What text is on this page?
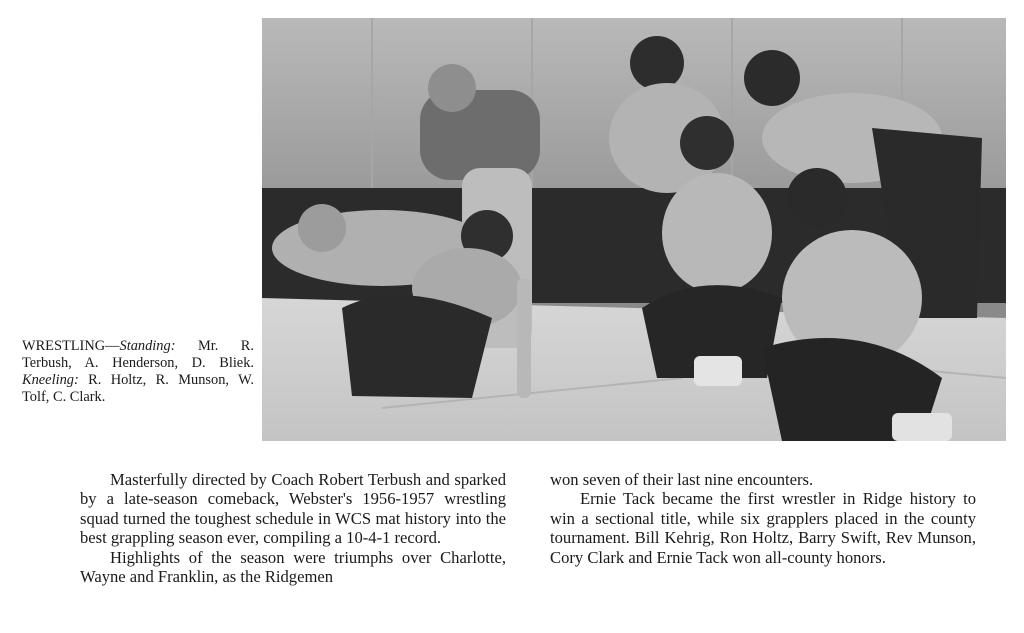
WRESTLING—Standing: Mr. R. Terbush, A. Henderson, D. Bliek. Kneeling: R. Holtz, R. Munson, W. Tolf, C. Clark.

Masterfully directed by Coach Robert Terbush and sparked by a late-season comeback, Webster's 1956-1957 wrestling squad turned the toughest schedule in WCS mat history into the best grappling season ever, compiling a 10-4-1 record.

Highlights of the season were triumphs over Charlotte, Wayne and Franklin, as the Ridgemen

won seven of their last nine encounters.

Ernie Tack became the first wrestler in Ridge history to win a sectional title, while six grapplers placed in the county tournament. Bill Kehrig, Ron Holtz, Barry Swift, Rev Munson, Cory Clark and Ernie Tack won all-county honors.
